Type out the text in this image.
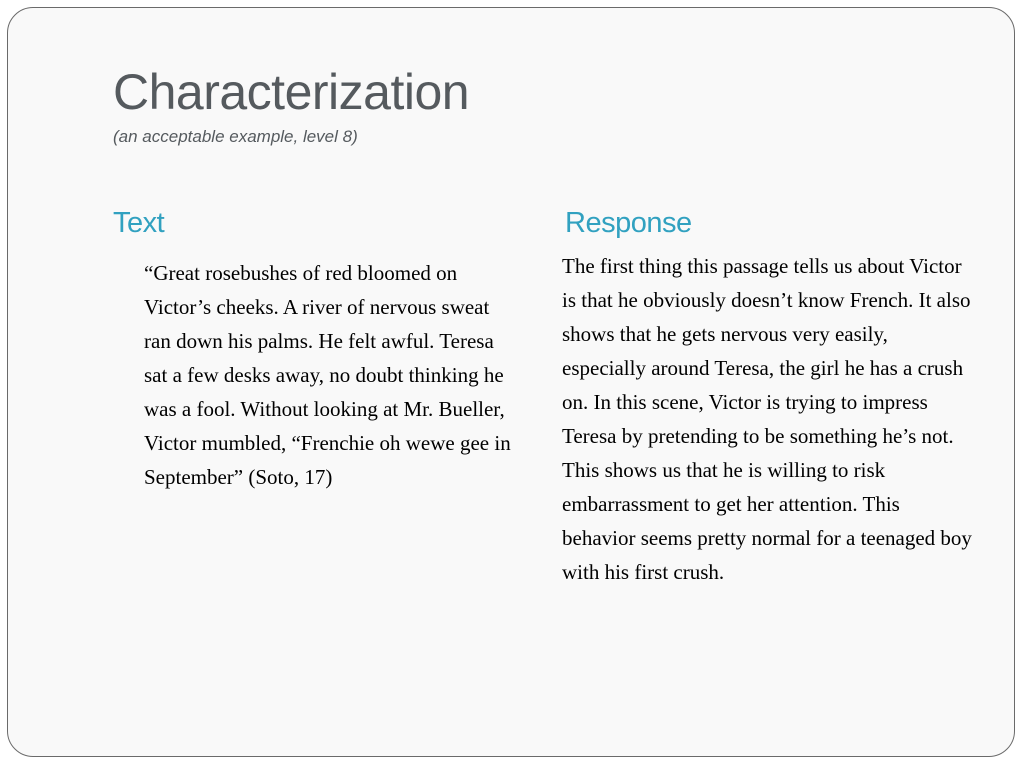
Characterization
(an acceptable example, level 8)
Text

“Great rosebushes of red bloomed on Victor’s cheeks. A river of nervous sweat ran down his palms. He felt awful. Teresa sat a few desks away, no doubt thinking he was a fool. Without looking at Mr. Bueller, Victor mumbled, “Frenchie oh wewe gee in September” (Soto, 17)

Response

The first thing this passage tells us about Victor is that he obviously doesn’t know French. It also shows that he gets nervous very easily, especially around Teresa, the girl he has a crush on. In this scene, Victor is trying to impress Teresa by pretending to be something he’s not. This shows us that he is willing to risk embarrassment to get her attention. This behavior seems pretty normal for a teenaged boy with his first crush.
